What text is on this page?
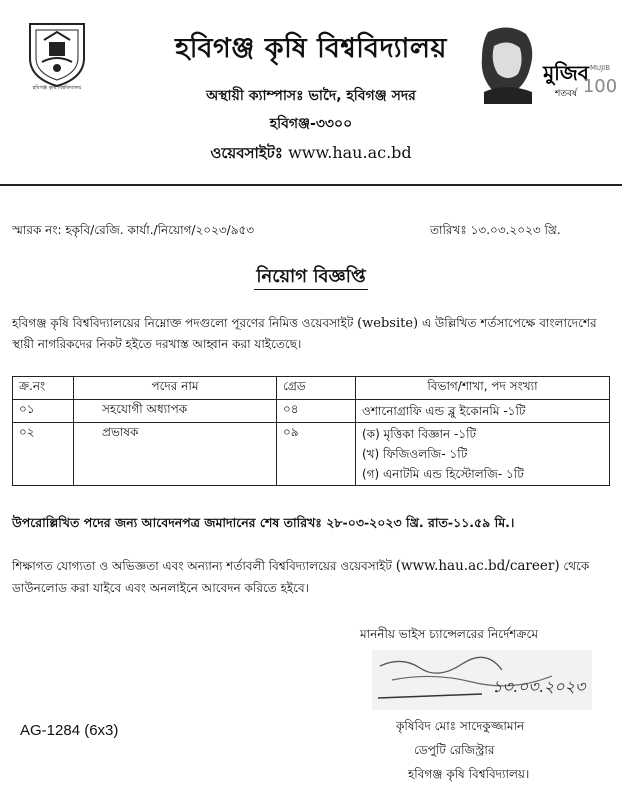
হবিগঞ্জ কৃষি বিশ্ববিদ্যালয়
হবিগঞ্জ কৃষি বিশ্ববিদ্যালয়
অস্থায়ী ক্যাম্পাসঃ ভাদৈ, হবিগঞ্জ সদর
হবিগঞ্জ-৩৩০০
ওয়েবসাইটঃ www.hau.ac.bd
মুজিব
শতবর্ষ
MUJIB
100
স্মারক নং: হকৃবি/রেজি. কার্যা./নিয়োগ/২০২৩/৯৫৩	তারিখঃ ১৩.০৩.২০২৩ খ্রি.
নিয়োগ বিজ্ঞপ্তি
হবিগঞ্জ কৃষি বিশ্ববিদ্যালয়ের নিম্নোক্ত পদগুলো পূরণের নিমিত্ত ওয়েবসাইট (website) এ উল্লিখিত শর্তসাপেক্ষে বাংলাদেশের স্থায়ী নাগরিকদের নিকট হইতে দরখাস্ত আহ্বান করা যাইতেছে।
ক্র.নং	পদের নাম	গ্রেড	বিভাগ/শাখা, পদ সংখ্যা
০১	সহযোগী অধ্যাপক	০৪	ওশানোগ্রাফি এন্ড ব্লু ইকোনমি -১টি

০২	প্রভাষক	০৯	(ক) মৃত্তিকা বিজ্ঞান -১টি
(খ) ফিজিওলজি- ১টি
(গ) এনাটমি এন্ড হিস্টোলজি- ১টি
উপরোল্লিখিত পদের জন্য আবেদনপত্র জমাদানের শেষ তারিখঃ ২৮-০৩-২০২৩ খ্রি. রাত-১১.৫৯ মি.।
শিক্ষাগত যোগ্যতা ও অভিজ্ঞতা এবং অন্যান্য শর্তাবলী বিশ্ববিদ্যালয়ের ওয়েবসাইট (www.hau.ac.bd/career) থেকে ডাউনলোড করা যাইবে এবং অনলাইনে আবেদন করিতে হইবে।
মাননীয় ভাইস চ্যান্সেলরের নির্দেশক্রমে
১৩.০৩.২০২৩
AG-1284 (6x3)	কৃষিবিদ মোঃ সাদেকুজ্জামান
ডেপুটি রেজিস্ট্রার
হবিগঞ্জ কৃষি বিশ্ববিদ্যালয়।
